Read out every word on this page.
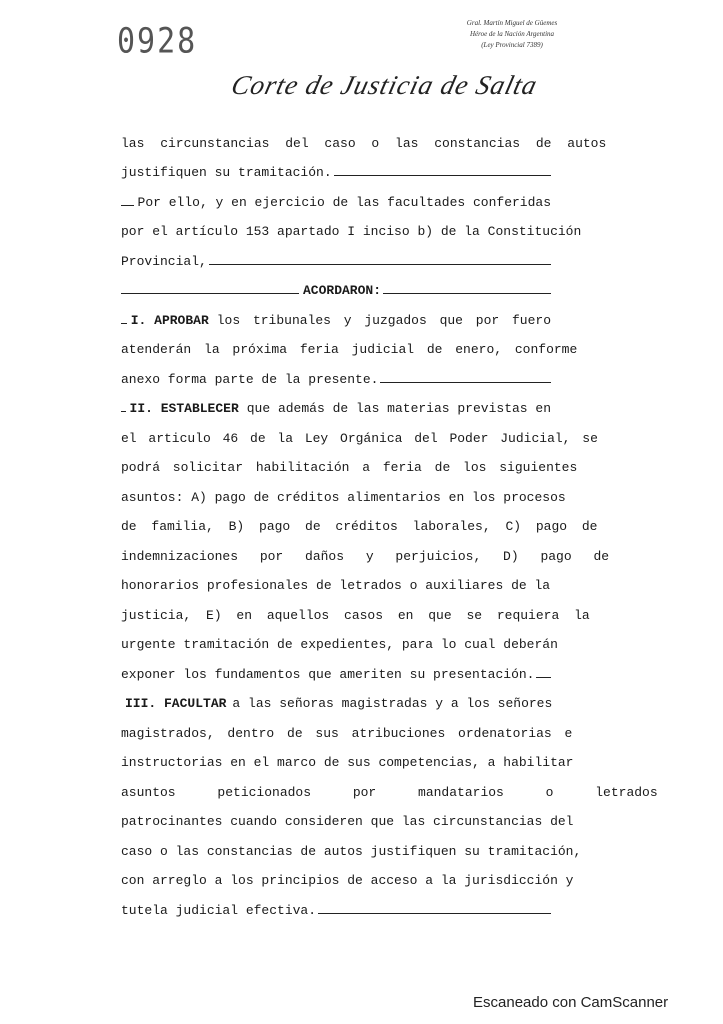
0928	Gral. Martín Miguel de Güemes
Héroe de la Nación Argentina
(Ley Provincial 7389)
Corte de Justicia de Salta
las circunstancias del caso o las constancias de autos
justifiquen su tramitación.
Por ello, y en ejercicio de las facultades conferidas
por el artículo 153 apartado I inciso b) de la Constitución
Provincial,
ACORDARON:
I. APROBAR los tribunales y juzgados que por fuero
atenderán la próxima feria judicial de enero, conforme
anexo forma parte de la presente.
II. ESTABLECER que además de las materias previstas en
el articulo 46 de la Ley Orgánica del Poder Judicial, se
podrá solicitar habilitación a feria de los siguientes
asuntos: A) pago de créditos alimentarios en los procesos
de familia, B) pago de créditos laborales, C) pago de
indemnizaciones por daños y perjuicios, D) pago de
honorarios profesionales de letrados o auxiliares de la
justicia, E) en aquellos casos en que se requiera la
urgente tramitación de expedientes, para lo cual deberán
exponer los fundamentos que ameriten su presentación.
III. FACULTAR a las señoras magistradas y a los señores
magistrados, dentro de sus atribuciones ordenatorias e
instructorias en el marco de sus competencias, a habilitar
asuntos peticionados por mandatarios o letrados
patrocinantes cuando consideren que las circunstancias del
caso o las constancias de autos justifiquen su tramitación,
con arreglo a los principios de acceso a la jurisdicción y
tutela judicial efectiva.
Escaneado con CamScanner
